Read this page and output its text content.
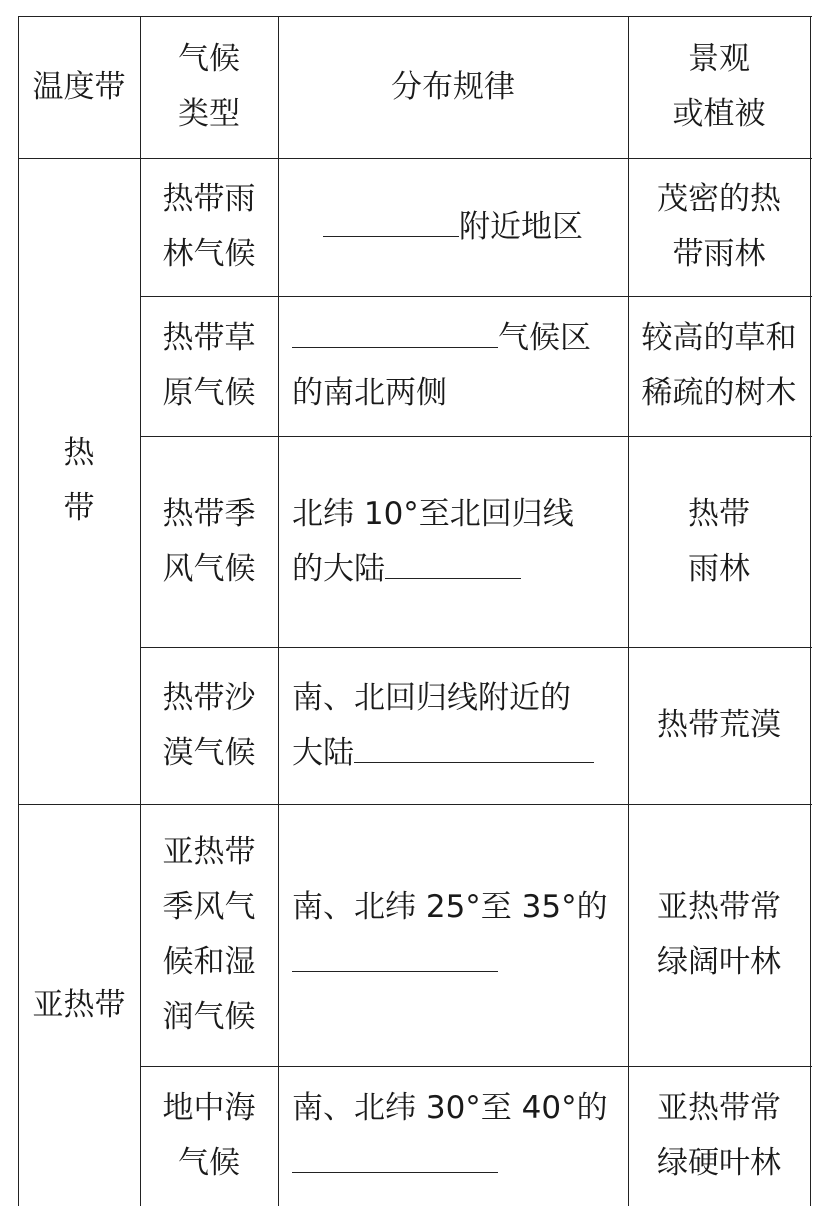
温度带
气候
类型
分布规律
景观
或植被
热
带
亚热带
热带雨
林气候
附近地区
茂密的热
带雨林
热带草
原气候
气候区
的南北两侧
较高的草和
稀疏的树木
热带季
风气候
北纬 10°至北回归线
的大陆
热带
雨林
热带沙
漠气候
南、北回归线附近的
大陆
热带荒漠
亚热带
季风气
候和湿
润气候
南、北纬 25°至 35°的 亚热带常
绿阔叶林
地中海
气候
南、北纬 30°至 40°的 亚热带常
绿硬叶林
